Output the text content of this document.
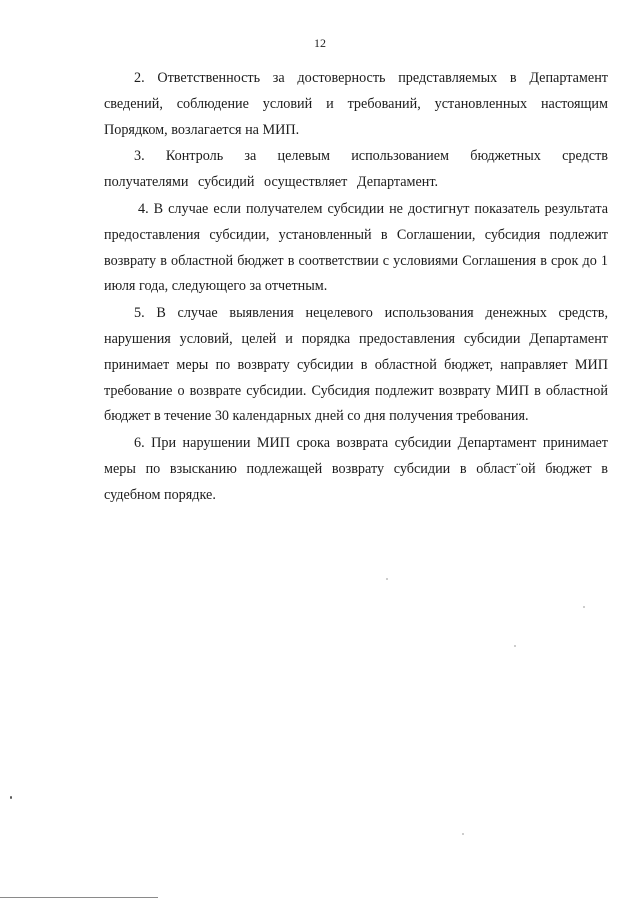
12

2. Ответственность за достоверность представляемых в Департамент сведений, соблюдение условий и требований, установленных настоящим Порядком, возлагается на МИП.

3. Контроль за целевым использованием бюджетных средств получателями субсидий осуществляет Департамент.

4. В случае если получателем субсидии не достигнут показатель результата предоставления субсидии, установленный в Соглашении, субсидия подлежит возврату в областной бюджет в соответствии с условиями Соглашения в срок до 1 июля года, следующего за отчетным.

5. В случае выявления нецелевого использования денежных средств, нарушения условий, целей и порядка предоставления субсидии Департамент принимает меры по возврату субсидии в областной бюджет, направляет МИП требование о возврате субсидии. Субсидия подлежит возврату МИП в областной бюджет в течение 30 календарных дней со дня получения требования.

6. При нарушении МИП срока возврата субсидии Департамент принимает меры по взысканию подлежащей возврату субсидии в облаcт¨ой бюджет в судебном порядке.
